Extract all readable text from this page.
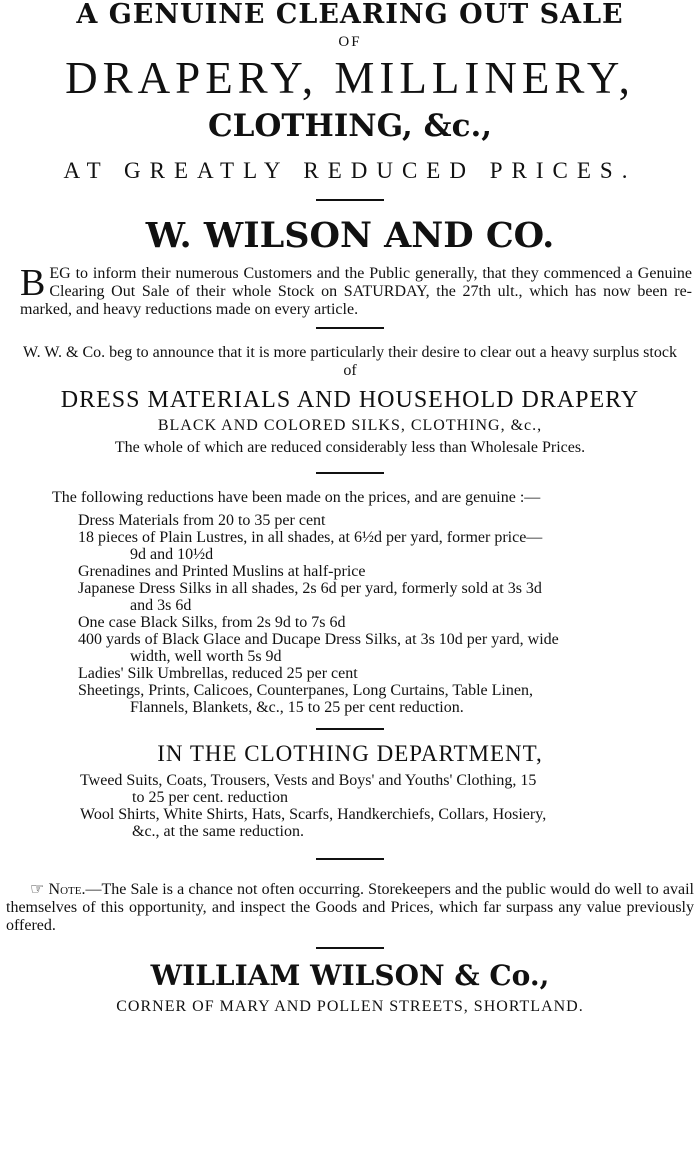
A GENUINE CLEARING OUT SALE
OF
DRAPERY, MILLINERY,
CLOTHING, &c.,
AT GREATLY REDUCED PRICES.
W. WILSON AND CO.
BEG to inform their numerous Customers and the Public generally, that they commenced a Genuine Clearing Out Sale of their whole Stock on SATURDAY, the 27th ult., which has now been re-marked, and heavy reductions made on every article.
W. W. & Co. beg to announce that it is more particularly their desire to clear out a heavy surplus stock of
DRESS MATERIALS AND HOUSEHOLD DRAPERY
BLACK AND COLORED SILKS, CLOTHING, &c.,
The whole of which are reduced considerably less than Wholesale Prices.
The following reductions have been made on the prices, and are genuine :—
Dress Materials from 20 to 35 per cent
18 pieces of Plain Lustres, in all shades, at 6½d per yard, former price—
9d and 10½d
Grenadines and Printed Muslins at half-price
Japanese Dress Silks in all shades, 2s 6d per yard, formerly sold at 3s 3d
and 3s 6d
One case Black Silks, from 2s 9d to 7s 6d
400 yards of Black Glace and Ducape Dress Silks, at 3s 10d per yard, wide
width, well worth 5s 9d
Ladies' Silk Umbrellas, reduced 25 per cent
Sheetings, Prints, Calicoes, Counterpanes, Long Curtains, Table Linen,
Flannels, Blankets, &c., 15 to 25 per cent reduction.
IN THE CLOTHING DEPARTMENT,
Tweed Suits, Coats, Trousers, Vests and Boys' and Youths' Clothing, 15
to 25 per cent. reduction
Wool Shirts, White Shirts, Hats, Scarfs, Handkerchiefs, Collars, Hosiery,
&c., at the same reduction.
☞ Note.—The Sale is a chance not often occurring. Storekeepers and the public would do well to avail themselves of this opportunity, and inspect the Goods and Prices, which far surpass any value previously offered.
WILLIAM WILSON & Co.,
CORNER OF MARY AND POLLEN STREETS, SHORTLAND.
